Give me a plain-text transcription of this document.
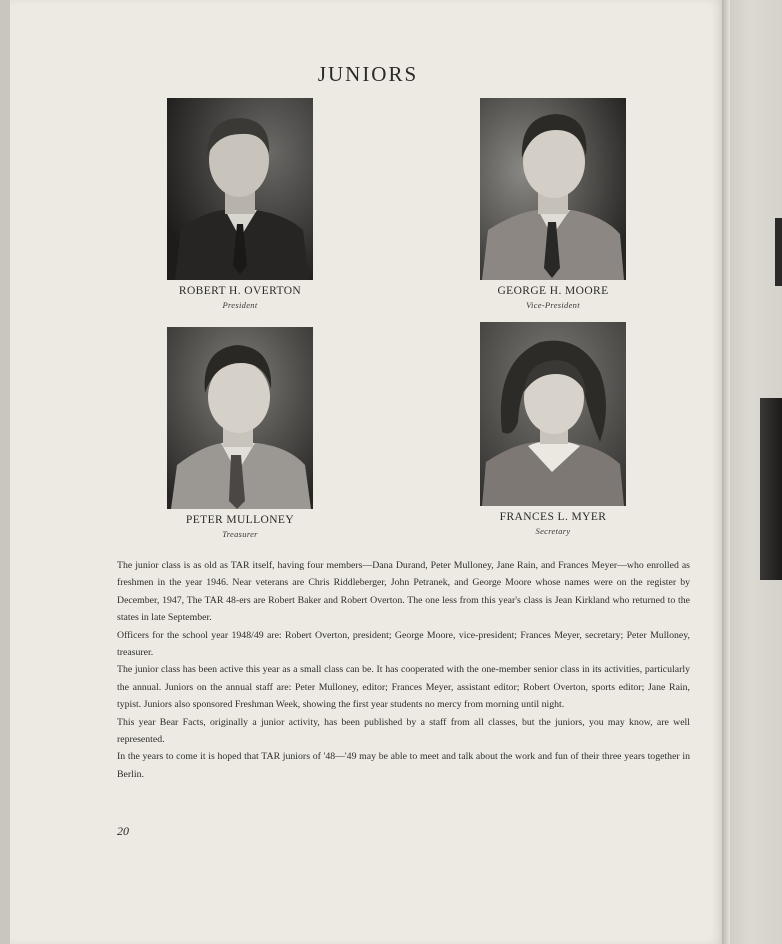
JUNIORS
ROBERT H. OVERTON
President
GEORGE H. MOORE
Vice-President
PETER MULLONEY
Treasurer
FRANCES L. MYER
Secretary

The junior class is as old as TAR itself, having four members—Dana Durand, Peter Mulloney, Jane Rain, and Frances Meyer—who enrolled as freshmen in the year 1946. Near veterans are Chris Riddleberger, John Petranek, and George Moore whose names were on the register by December, 1947, The TAR 48-ers are Robert Baker and Robert Overton. The one less from this year's class is Jean Kirkland who returned to the states in late September.

Officers for the school year 1948/49 are: Robert Overton, president; George Moore, vice-president; Frances Meyer, secretary; Peter Mulloney, treasurer.

The junior class has been active this year as a small class can be. It has cooperated with the one-member senior class in its activities, particularly the annual. Juniors on the annual staff are: Peter Mulloney, editor; Frances Meyer, assistant editor; Robert Overton, sports editor; Jane Rain, typist. Juniors also sponsored Freshman Week, showing the first year students no mercy from morning until night.

This year Bear Facts, originally a junior activity, has been published by a staff from all classes, but the juniors, you may know, are well represented.

In the years to come it is hoped that TAR juniors of '48—'49 may be able to meet and talk about the work and fun of their three years together in Berlin.

20
